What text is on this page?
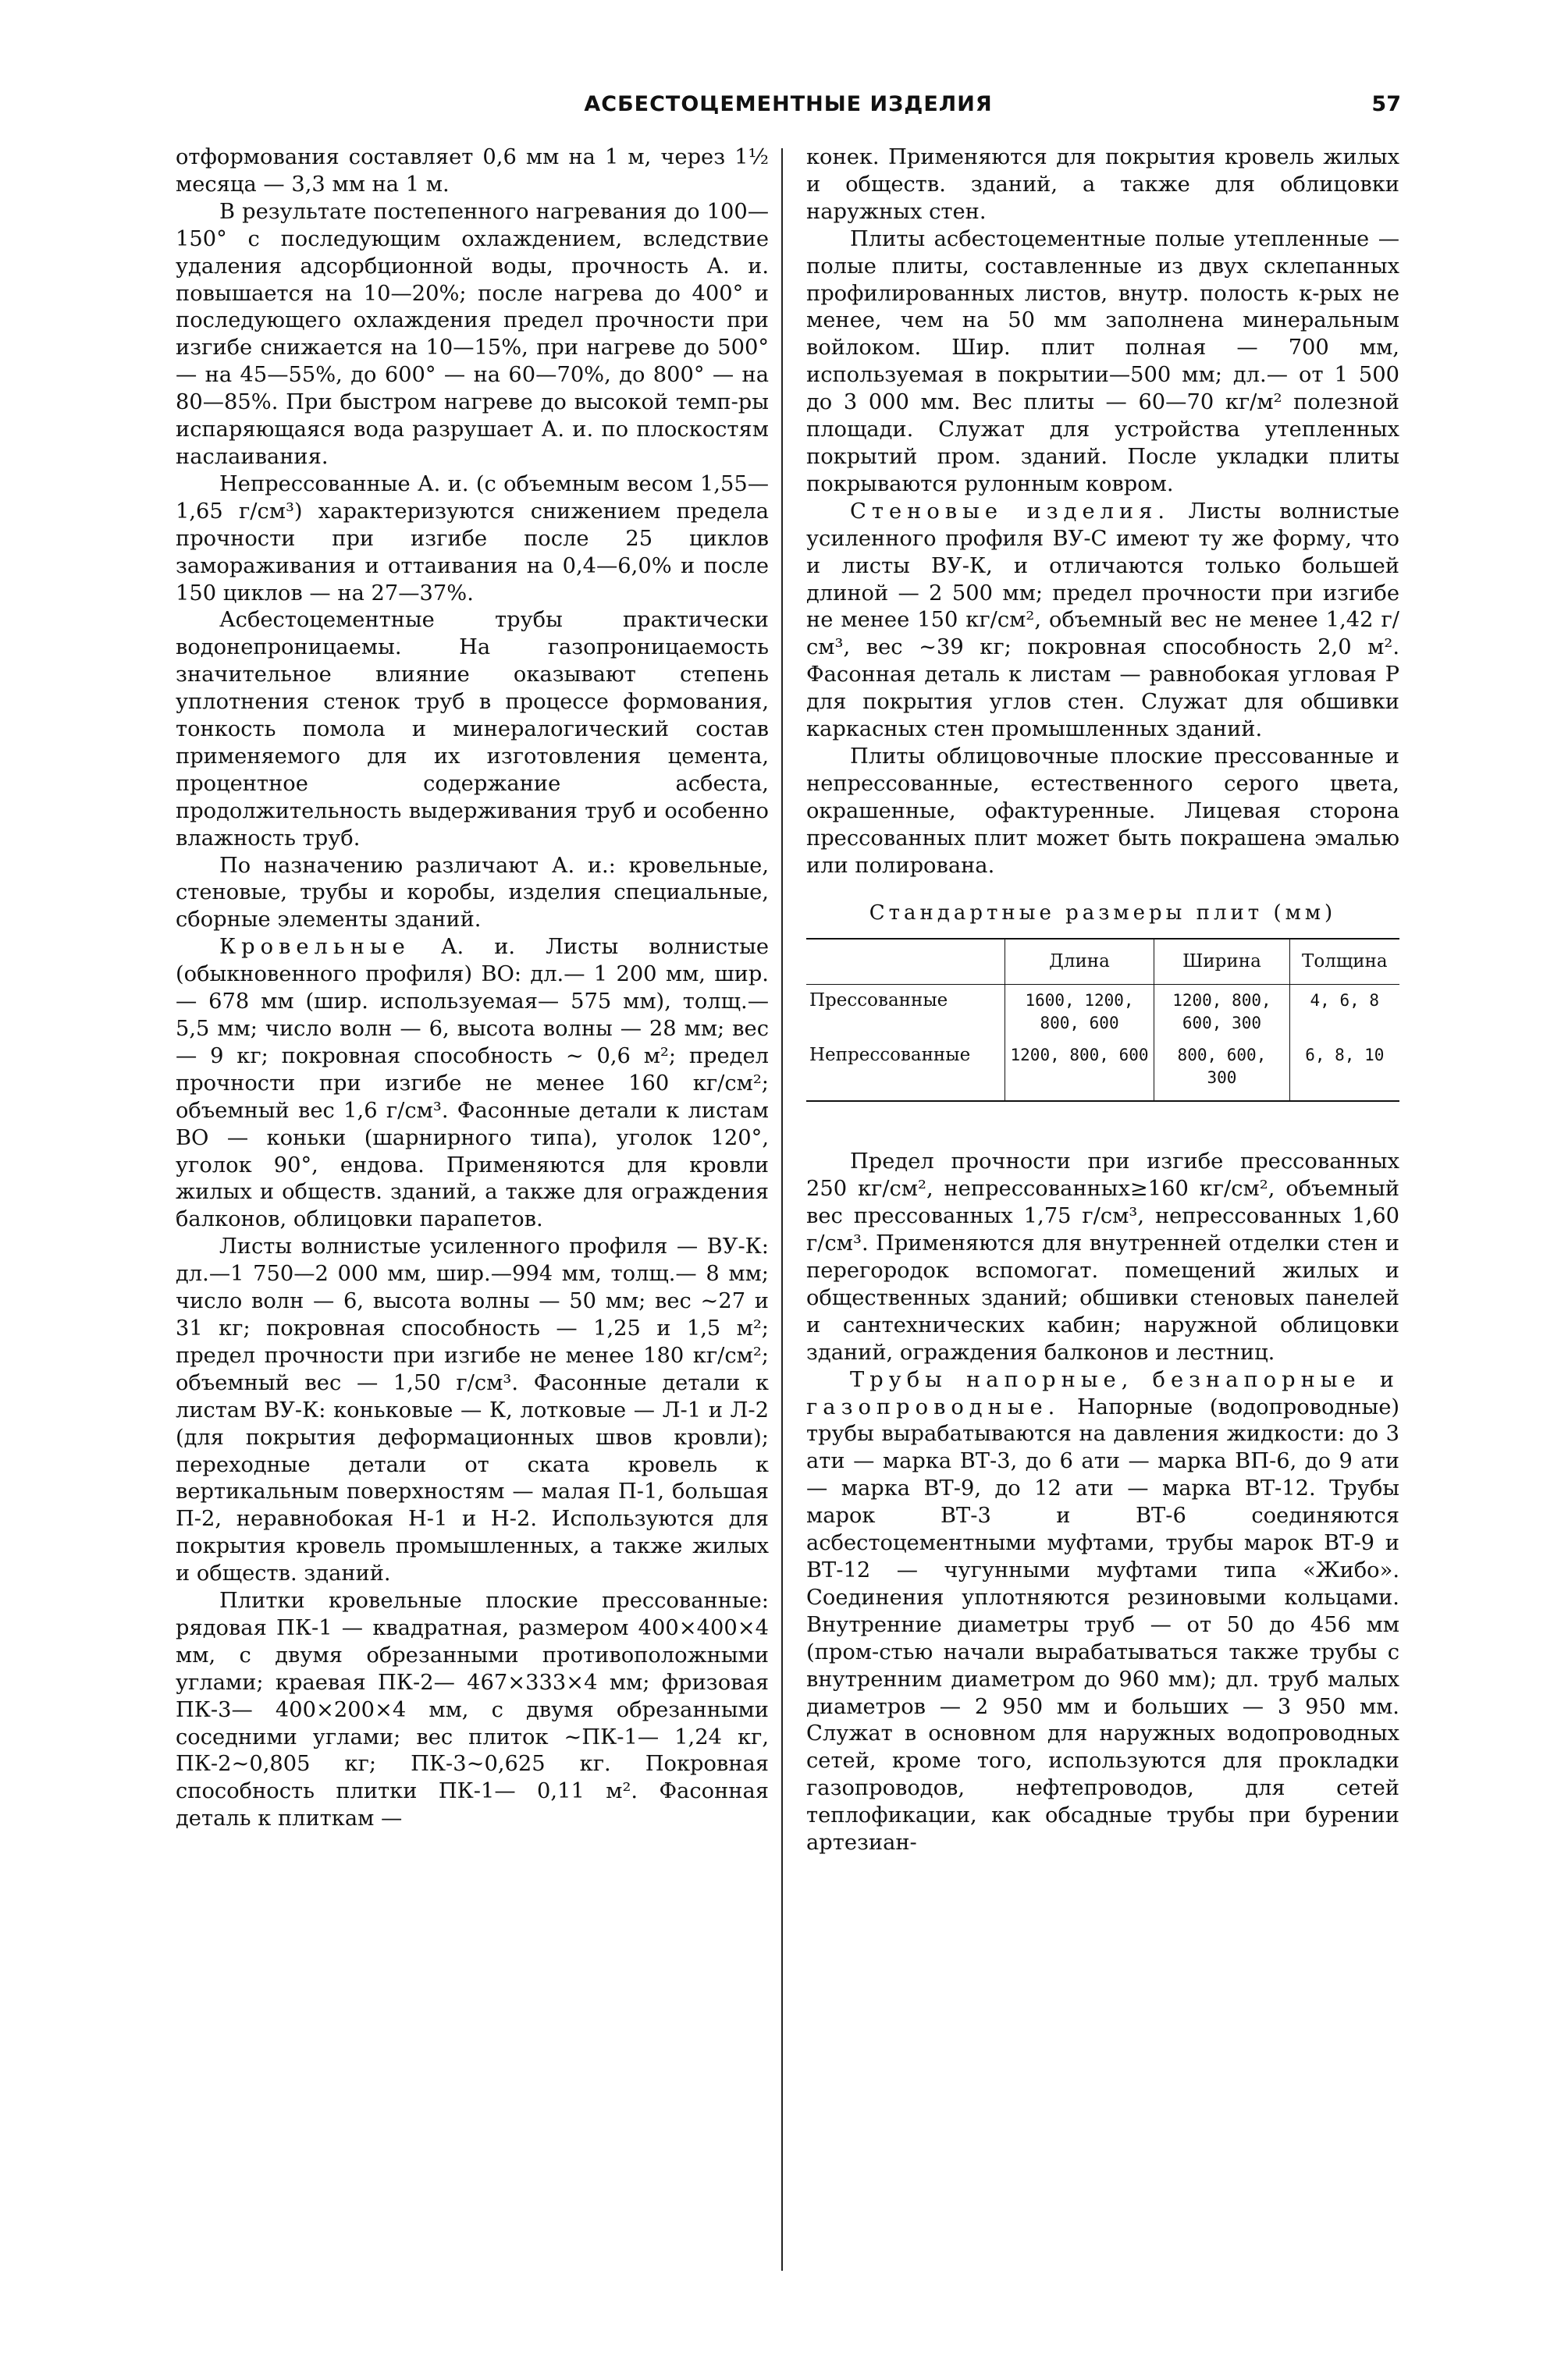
АСБЕСТОЦЕМЕНТНЫЕ ИЗДЕЛИЯ	57

отформования составляет 0,6 мм на 1 м, через 1½ месяца — 3,3 мм на 1 м.

В результате постепенного нагревания до 100—150° с последующим охлаждением, вследствие удаления адсорбционной воды, прочность А. и. повышается на 10—20%; после нагрева до 400° и последующего охлаждения предел прочности при изгибе снижается на 10—15%, при нагреве до 500° — на 45—55%, до 600° — на 60—70%, до 800° — на 80—85%. При быстром нагреве до высокой темп-ры испаряющаяся вода разрушает А. и. по плоскостям наслаивания.

Непрессованные А. и. (с объемным весом 1,55—1,65 г/см³) характеризуются снижением предела прочности при изгибе после 25 циклов замораживания и оттаивания на 0,4—6,0% и после 150 циклов — на 27—37%.

Асбестоцементные трубы практически водонепроницаемы. На газопроницаемость значительное влияние оказывают степень уплотнения стенок труб в процессе формования, тонкость помола и минералогический состав применяемого для их изготовления цемента, процентное содержание асбеста, продолжительность выдерживания труб и особенно влажность труб.

По назначению различают А. и.: кровельные, стеновые, трубы и коробы, изделия специальные, сборные элементы зданий.

Кровельные А. и. Листы волнистые (обыкновенного профиля) ВО: дл.— 1 200 мм, шир.— 678 мм (шир. используемая— 575 мм), толщ.— 5,5 мм; число волн — 6, высота волны — 28 мм; вес— 9 кг; покровная способность ~ 0,6 м²; предел прочности при изгибе не менее 160 кг/см²; объемный вес 1,6 г/см³. Фасонные детали к листам ВО — коньки (шарнирного типа), уголок 120°, уголок 90°, ендова. Применяются для кровли жилых и обществ. зданий, а также для ограждения балконов, облицовки парапетов.

Листы волнистые усиленного профиля — ВУ-К: дл.—1 750—2 000 мм, шир.—994 мм, толщ.— 8 мм; число волн — 6, высота волны — 50 мм; вес ~27 и 31 кг; покровная способность — 1,25 и 1,5 м²; предел прочности при изгибе не менее 180 кг/см²; объемный вес — 1,50 г/см³. Фасонные детали к листам ВУ-К: коньковые — К, лотковые — Л-1 и Л-2 (для покрытия деформационных швов кровли); переходные детали от ската кровель к вертикальным поверхностям — малая П-1, большая П-2, неравнобокая Н-1 и Н-2. Используются для покрытия кровель промышленных, а также жилых и обществ. зданий.

Плитки кровельные плоские прессованные: рядовая ПК-1 — квадратная, размером 400×400×4 мм, с двумя обрезанными противоположными углами; краевая ПК-2— 467×333×4 мм; фризовая ПК-3— 400×200×4 мм, с двумя обрезанными соседними углами; вес плиток ~ПК-1— 1,24 кг, ПК-2~0,805 кг; ПК-3~0,625 кг. Покровная способность плитки ПК-1— 0,11 м². Фасонная деталь к плиткам —

конек. Применяются для покрытия кровель жилых и обществ. зданий, а также для облицовки наружных стен.

Плиты асбестоцементные полые утепленные — полые плиты, составленные из двух склепанных профилированных листов, внутр. полость к-рых не менее, чем на 50 мм заполнена минеральным войлоком. Шир. плит полная — 700 мм, используемая в покрытии—500 мм; дл.— от 1 500 до 3 000 мм. Вес плиты — 60—70 кг/м² полезной площади. Служат для устройства утепленных покрытий пром. зданий. После укладки плиты покрываются рулонным ковром.

Стеновые изделия. Листы волнистые усиленного профиля ВУ-С имеют ту же форму, что и листы ВУ-К, и отличаются только большей длиной — 2 500 мм; предел прочности при изгибе не менее 150 кг/см², объемный вес не менее 1,42 г/см³, вес ~39 кг; покровная способность 2,0 м². Фасонная деталь к листам — равнобокая угловая Р для покрытия углов стен. Служат для обшивки каркасных стен промышленных зданий.

Плиты облицовочные плоские прессованные и непрессованные, естественного серого цвета, окрашенные, офактуренные. Лицевая сторона прессованных плит может быть покрашена эмалью или полирована.

Стандартные размеры плит (мм)
	Длина	Ширина	Толщина
Прессованные	1600, 1200, 800, 600	1200, 800, 600, 300	4, 6, 8
Непрессованные	1200, 800, 600	800, 600, 300	6, 8, 10

Предел прочности при изгибе прессованных 250 кг/см², непрессованных≥160 кг/см², объемный вес прессованных 1,75 г/см³, непрессованных 1,60 г/см³. Применяются для внутренней отделки стен и перегородок вспомогат. помещений жилых и общественных зданий; обшивки стеновых панелей и сантехнических кабин; наружной облицовки зданий, ограждения балконов и лестниц.

Трубы напорные, безнапорные и газопроводные. Напорные (водопроводные) трубы вырабатываются на давления жидкости: до 3 ати — марка ВТ-3, до 6 ати — марка ВП-6, до 9 ати — марка ВТ-9, до 12 ати — марка ВТ-12. Трубы марок ВТ-3 и ВТ-6 соединяются асбестоцементными муфтами, трубы марок ВТ-9 и ВТ-12 — чугунными муфтами типа «Жибо». Соединения уплотняются резиновыми кольцами. Внутренние диаметры труб — от 50 до 456 мм (пром-стью начали вырабатываться также трубы с внутренним диаметром до 960 мм); дл. труб малых диаметров — 2 950 мм и больших — 3 950 мм. Служат в основном для наружных водопроводных сетей, кроме того, используются для прокладки газопроводов, нефтепроводов, для сетей теплофикации, как обсадные трубы при бурении артезиан-
